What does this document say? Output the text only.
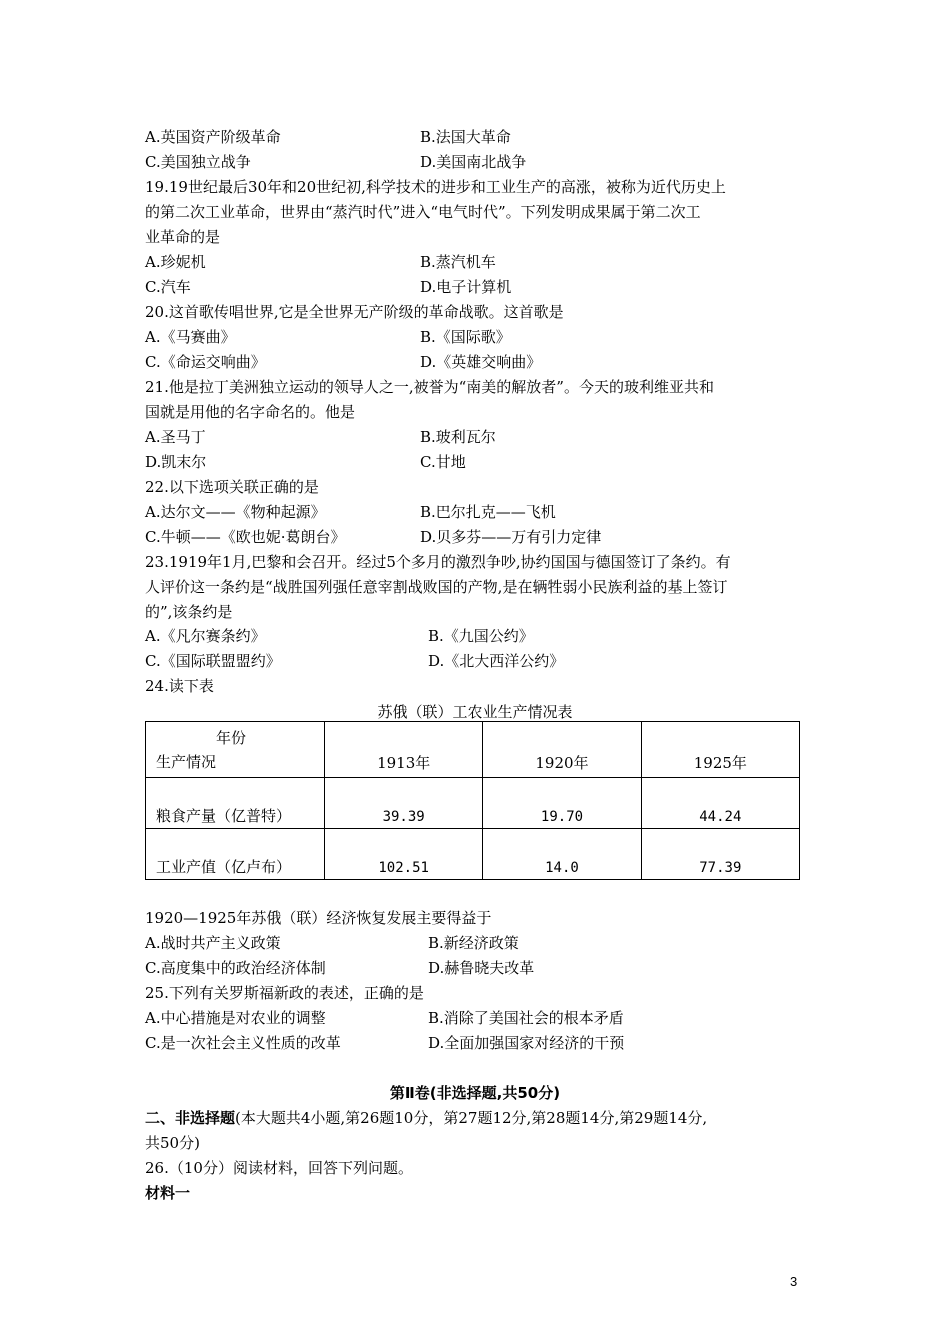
A.英国资产阶级革命	B.法国大革命
C.美国独立战争	D.美国南北战争
19.19世纪最后30年和20世纪初,科学技术的进步和工业生产的高涨，被称为近代历史上
的第二次工业革命，世界由“蒸汽时代”进入“电气时代”。下列发明成果属于第二次工
业革命的是
A.珍妮机	B.蒸汽机车
C.汽车	D.电子计算机
20.这首歌传唱世界,它是全世界无产阶级的革命战歌。这首歌是
A.《马赛曲》	B.《国际歌》
C.《命运交响曲》	D.《英雄交响曲》
21.他是拉丁美洲独立运动的领导人之一,被誉为“南美的解放者”。今天的玻利维亚共和
国就是用他的名字命名的。他是
A.圣马丁	B.玻利瓦尔
D.凯末尔	C.甘地
22.以下选项关联正确的是
A.达尔文——《物种起源》	B.巴尔扎克——飞机
C.牛顿——《欧也妮·葛朗台》	D.贝多芬——万有引力定律
23.1919年1月,巴黎和会召开。经过5个多月的激烈争吵,协约国国与德国签订了条约。有
人评价这一条约是“战胜国列强任意宰割战败国的产物,是在辆牲弱小民族利益的基上签订
的”,该条约是
A.《凡尔赛条约》	B.《九国公约》
C.《国际联盟盟约》	D.《北大西洋公约》
24.读下表
苏俄（联）工农业生产情况表
年份
生产情况	1913年	1920年	1925年
粮食产量（亿普特）	39.39	19.70	44.24
工业产值（亿卢布）	102.51	14.0	77.39
1920—1925年苏俄（联）经济恢复发展主要得益于
A.战时共产主义政策	B.新经济政策
C.高度集中的政治经济体制	D.赫鲁晓夫改革
25.下列有关罗斯福新政的表述，正确的是
A.中心措施是对农业的调整	B.消除了美国社会的根本矛盾
C.是一次社会主义性质的改革	D.全面加强国家对经济的干预
第Ⅱ卷(非选择题,共50分)
二、非选择题(本大题共4小题,第26题10分，第27题12分,第28题14分,第29题14分,
共50分)
26.（10分）阅读材料，回答下列问题。
材料一
3
